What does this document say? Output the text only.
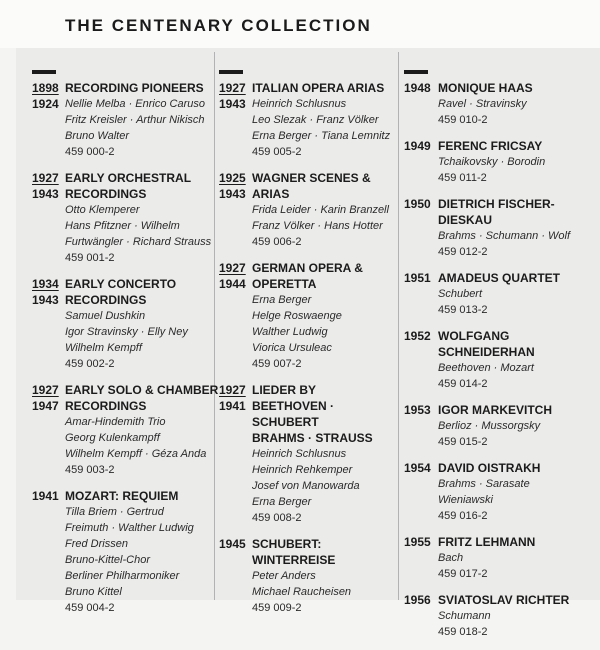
THE CENTENARY COLLECTION
1898
1924
RECORDING PIONEERS
Nellie Melba · Enrico Caruso
Fritz Kreisler · Arthur Nikisch
Bruno Walter
459 000-2
1927
1943
EARLY ORCHESTRAL
RECORDINGS
Otto Klemperer
Hans Pfitzner · Wilhelm
Furtwängler · Richard Strauss
459 001-2
1934
1943
EARLY CONCERTO
RECORDINGS
Samuel Dushkin
Igor Stravinsky · Elly Ney
Wilhelm Kempff
459 002-2
1927
1947
EARLY SOLO & CHAMBER
RECORDINGS
Amar-Hindemith Trio
Georg Kulenkampff
Wilhelm Kempff · Géza Anda
459 003-2
1941 MOZART: REQUIEM
Tilla Briem · Gertrud
Freimuth · Walther Ludwig
Fred Drissen
Bruno-Kittel-Chor
Berliner Philharmoniker
Bruno Kittel
459 004-2
1927
1943
ITALIAN OPERA ARIAS
Heinrich Schlusnus
Leo Slezak · Franz Völker
Erna Berger · Tiana Lemnitz
459 005-2
1925
1943
WAGNER SCENES &
ARIAS
Frida Leider · Karin Branzell
Franz Völker · Hans Hotter
459 006-2
1927
1944
GERMAN OPERA &
OPERETTA
Erna Berger
Helge Roswaenge
Walther Ludwig
Viorica Ursuleac
459 007-2
1927
1941
LIEDER BY
BEETHOVEN · SCHUBERT
BRAHMS · STRAUSS
Heinrich Schlusnus
Heinrich Rehkemper
Josef von Manowarda
Erna Berger
459 008-2
1945 SCHUBERT: WINTERREISE
Peter Anders
Michael Raucheisen
459 009-2
1948 MONIQUE HAAS
Ravel · Stravinsky
459 010-2
1949 FERENC FRICSAY
Tchaikovsky · Borodin
459 011-2
1950 DIETRICH FISCHER-DIESKAU
Brahms · Schumann · Wolf
459 012-2
1951 AMADEUS QUARTET
Schubert
459 013-2
1952 WOLFGANG SCHNEIDERHAN
Beethoven · Mozart
459 014-2
1953 IGOR MARKEVITCH
Berlioz · Mussorgsky
459 015-2
1954 DAVID OISTRAKH
Brahms · Sarasate
Wieniawski
459 016-2
1955 FRITZ LEHMANN
Bach
459 017-2
1956 SVIATOSLAV RICHTER
Schumann
459 018-2
